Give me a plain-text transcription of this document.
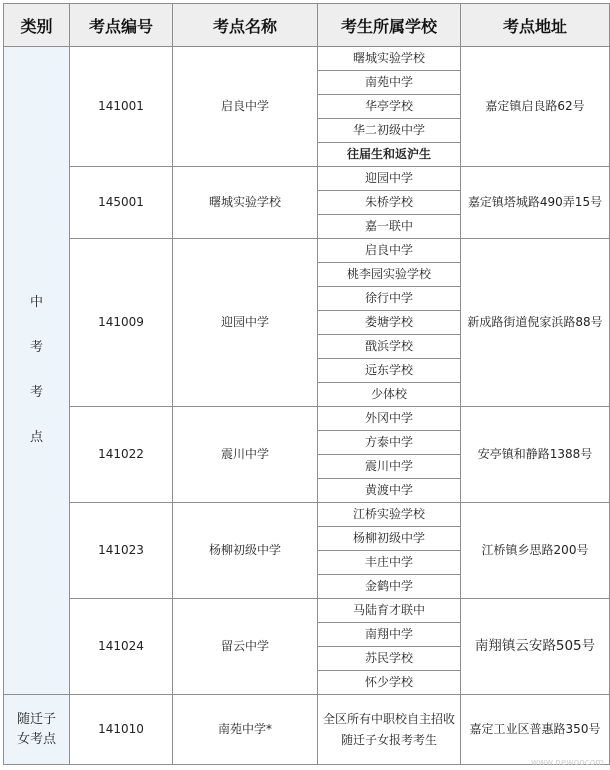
类别	考点编号	考点名称	考生所属学校	考点地址

中
考
考
点	141001	启良中学	曙城实验学校	嘉定镇启良路62号
			南苑中学	
			华亭学校	
			华二初级中学	
			往届生和返沪生	
	145001	曙城实验学校	迎园中学	嘉定镇塔城路490弄15号
			朱桥学校	
			嘉一联中	
	141009	迎园中学	启良中学	新成路街道倪家浜路88号
			桃李园实验学校	
			徐行中学	
			娄塘学校	
			戬浜学校	
			远东学校	
			少体校	
	141022	震川中学	外冈中学	安亭镇和静路1388号
			方泰中学	
			震川中学	
			黄渡中学	
	141023	杨柳初级中学	江桥实验学校	江桥镇乡思路200号
			杨柳初级中学	
			丰庄中学	
			金鹤中学	
	141024	留云中学	马陆育才联中	南翔镇云安路505号
			南翔中学	
			苏民学校	
			怀少学校	

随迁子
女考点	141010	南苑中学*	全区所有中职校自主招收随迁子女报考考生	嘉定工业区普惠路350号
www.newoocom
